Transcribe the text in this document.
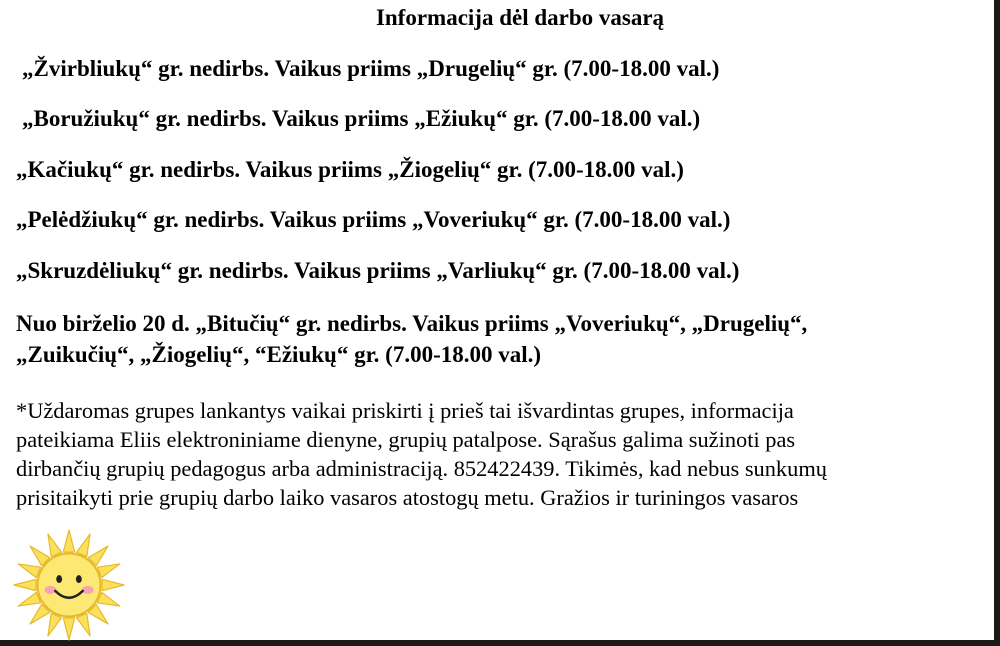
Informacija dėl darbo vasarą
„Žvirbliukų“ gr. nedirbs. Vaikus priims „Drugelių“ gr. (7.00-18.00 val.)
„Boružiukų“ gr. nedirbs. Vaikus priims „Ežiukų“ gr. (7.00-18.00 val.)
„Kačiukų“ gr. nedirbs. Vaikus priims „Žiogelių“ gr. (7.00-18.00 val.)
„Pelėdžiukų“ gr. nedirbs. Vaikus priims „Voveriukų“ gr. (7.00-18.00 val.)
„Skruzdėliukų“ gr. nedirbs. Vaikus priims „Varliukų“ gr. (7.00-18.00 val.)
Nuo birželio 20 d. „Bitučių“ gr. nedirbs. Vaikus priims „Voveriukų“, „Drugelių“,
„Zuikučių“, „Žiogelių“, “Ežiukų“ gr. (7.00-18.00 val.)
*Uždaromas grupes lankantys vaikai priskirti į prieš tai išvardintas grupes, informacija
pateikiama Eliis elektroniniame dienyne, grupių patalpose. Sąrašus galima sužinoti pas
dirbančių grupių pedagogus arba administraciją. 852422439. Tikimės, kad nebus sunkumų
prisitaikyti prie grupių darbo laiko vasaros atostogų metu. Gražios ir turiningos vasaros
